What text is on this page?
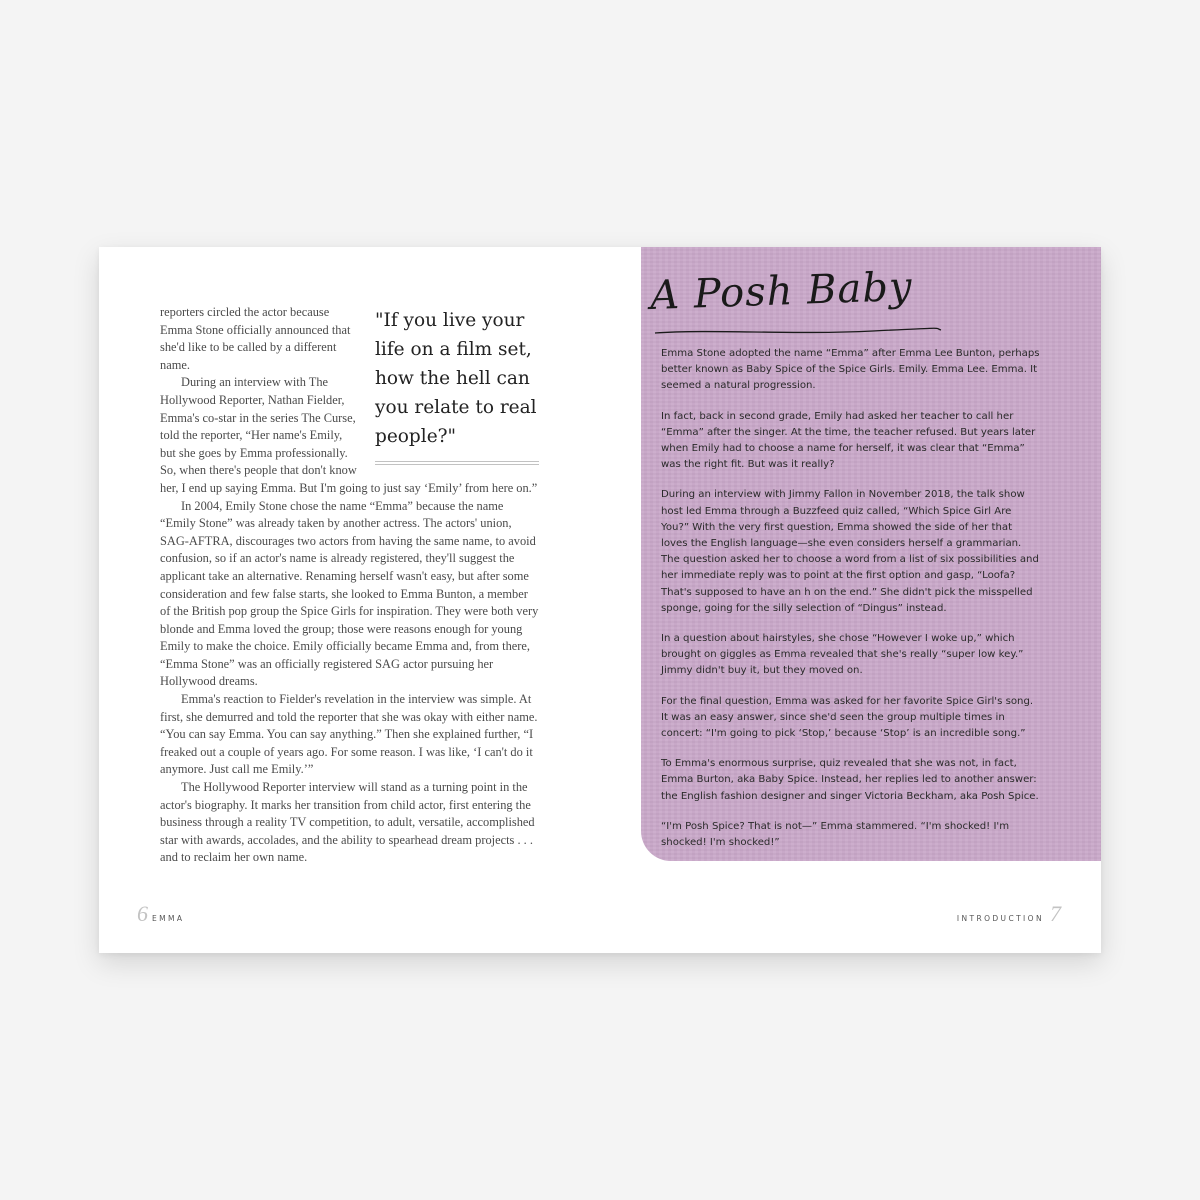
"If you live your life on a film set, how the hell can you relate to real people?"

reporters circled the actor because Emma Stone officially announced that she'd like to be called by a different name.

During an interview with The Hollywood Reporter, Nathan Fielder, Emma's co-star in the series The Curse, told the reporter, “Her name's Emily, but she goes by Emma professionally. So, when there's people that don't know her, I end up saying Emma. But I'm going to just say ‘Emily’ from here on.”

In 2004, Emily Stone chose the name “Emma” because the name “Emily Stone” was already taken by another actress. The actors' union, SAG-AFTRA, discourages two actors from having the same name, to avoid confusion, so if an actor's name is already registered, they'll suggest the applicant take an alternative. Renaming herself wasn't easy, but after some consideration and few false starts, she looked to Emma Bunton, a member of the British pop group the Spice Girls for inspiration. They were both very blonde and Emma loved the group; those were reasons enough for young Emily to make the choice. Emily officially became Emma and, from there, “Emma Stone” was an officially registered SAG actor pursuing her Hollywood dreams.

Emma's reaction to Fielder's revelation in the interview was simple. At first, she demurred and told the reporter that she was okay with either name. “You can say Emma. You can say anything.” Then she explained further, “I freaked out a couple of years ago. For some reason. I was like, ‘I can't do it anymore. Just call me Emily.’”

The Hollywood Reporter interview will stand as a turning point in the actor's biography. It marks her transition from child actor, first entering the business through a reality TV competition, to adult, versatile, accomplished star with awards, accolades, and the ability to spearhead dream projects . . . and to reclaim her own name.

6 EMMA
A Posh Baby

Emma Stone adopted the name “Emma” after Emma Lee Bunton, perhaps better known as Baby Spice of the Spice Girls. Emily. Emma Lee. Emma. It seemed a natural progression.

In fact, back in second grade, Emily had asked her teacher to call her “Emma” after the singer. At the time, the teacher refused. But years later when Emily had to choose a name for herself, it was clear that “Emma” was the right fit. But was it really?

During an interview with Jimmy Fallon in November 2018, the talk show host led Emma through a Buzzfeed quiz called, “Which Spice Girl Are You?” With the very first question, Emma showed the side of her that loves the English language—she even considers herself a grammarian. The question asked her to choose a word from a list of six possibilities and her immediate reply was to point at the first option and gasp, “Loofa? That's supposed to have an h on the end.” She didn't pick the misspelled sponge, going for the silly selection of “Dingus” instead.

In a question about hairstyles, she chose “However I woke up,” which brought on giggles as Emma revealed that she's really “super low key.” Jimmy didn't buy it, but they moved on.

For the final question, Emma was asked for her favorite Spice Girl's song. It was an easy answer, since she'd seen the group multiple times in concert: “I'm going to pick ‘Stop,’ because ‘Stop’ is an incredible song.”

To Emma's enormous surprise, quiz revealed that she was not, in fact, Emma Burton, aka Baby Spice. Instead, her replies led to another answer: the English fashion designer and singer Victoria Beckham, aka Posh Spice.

“I'm Posh Spice? That is not—” Emma stammered. “I'm shocked! I'm shocked! I'm shocked!”

INTRODUCTION 7
